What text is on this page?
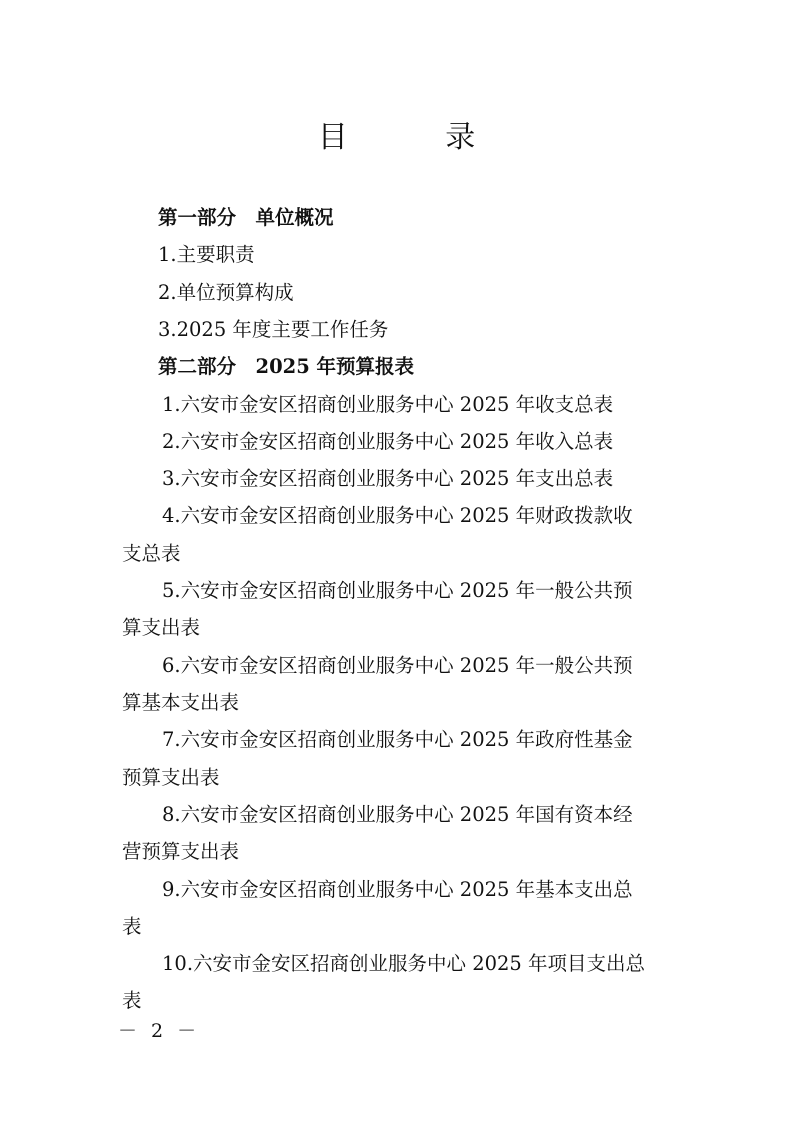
目 录
第一部分　单位概况
1.主要职责
2.单位预算构成
3.2025 年度主要工作任务
第二部分　2025 年预算报表
1.六安市金安区招商创业服务中心 2025 年收支总表
2.六安市金安区招商创业服务中心 2025 年收入总表
3.六安市金安区招商创业服务中心 2025 年支出总表
4.六安市金安区招商创业服务中心 2025 年财政拨款收
支总表
5.六安市金安区招商创业服务中心 2025 年一般公共预
算支出表
6.六安市金安区招商创业服务中心 2025 年一般公共预
算基本支出表
7.六安市金安区招商创业服务中心 2025 年政府性基金
预算支出表
8.六安市金安区招商创业服务中心 2025 年国有资本经
营预算支出表
9.六安市金安区招商创业服务中心 2025 年基本支出总
表
10.六安市金安区招商创业服务中心 2025 年项目支出总
表
－ 2 －
